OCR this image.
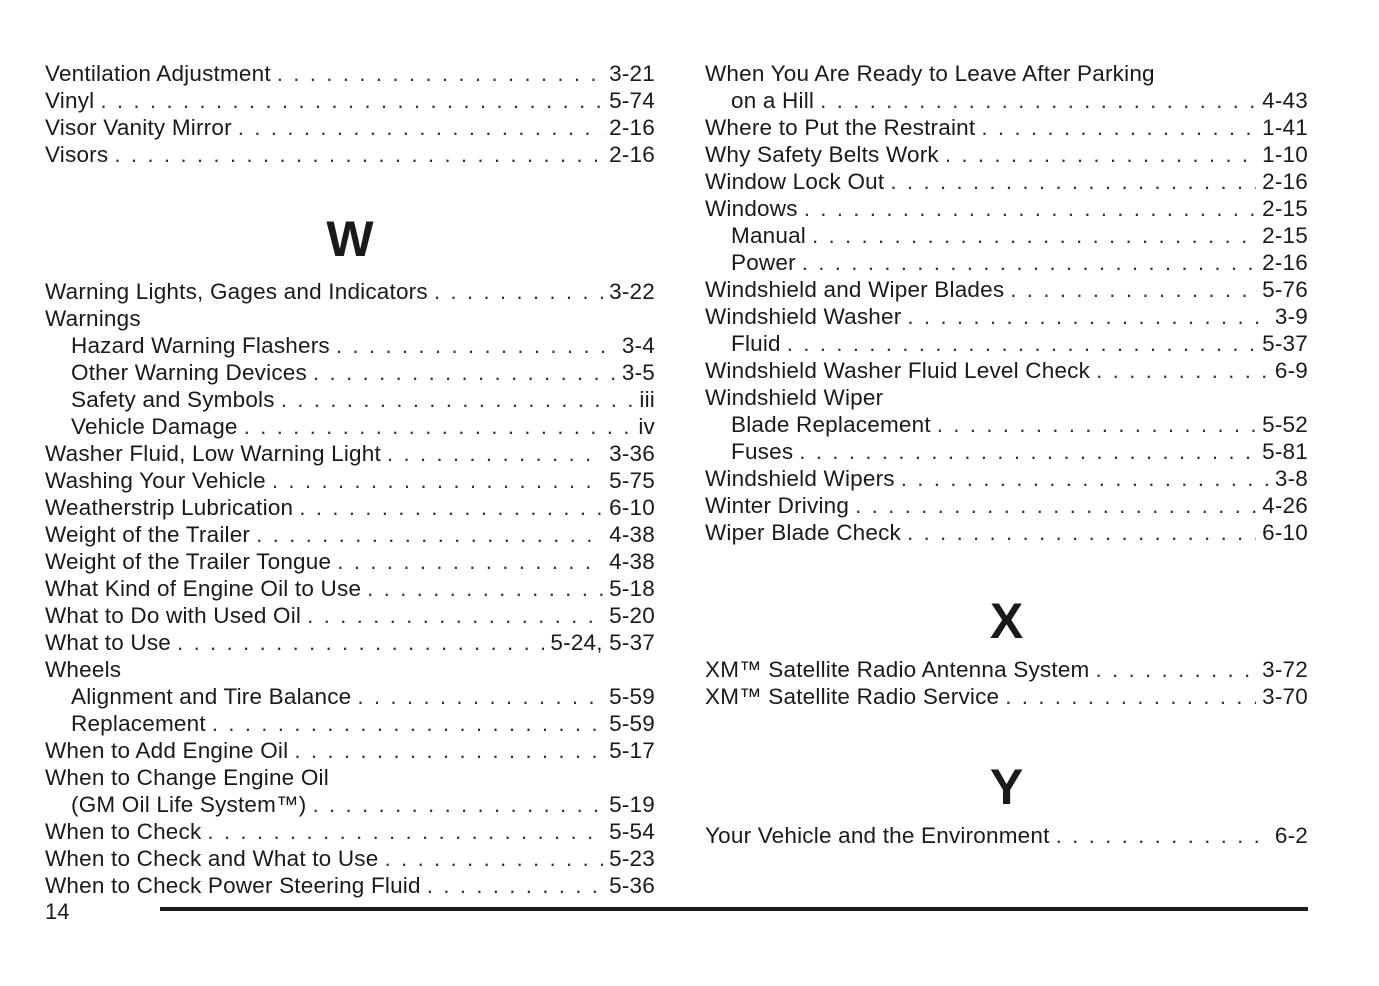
Ventilation Adjustment . . .	3-21
Vinyl . . .	5-74
Visor Vanity Mirror . . .	2-16
Visors . . .	2-16
W
Warning Lights, Gages and Indicators . . .	3-22
Warnings
Hazard Warning Flashers . . .	3-4
Other Warning Devices . . .	3-5
Safety and Symbols . . .	iii
Vehicle Damage . . .	iv
Washer Fluid, Low Warning Light . . .	3-36
Washing Your Vehicle . . .	5-75
Weatherstrip Lubrication . . .	6-10
Weight of the Trailer . . .	4-38
Weight of the Trailer Tongue . . .	4-38
What Kind of Engine Oil to Use . . .	5-18
What to Do with Used Oil . . .	5-20
What to Use . . .	5-24, 5-37
Wheels
Alignment and Tire Balance . . .	5-59
Replacement . . .	5-59
When to Add Engine Oil . . .	5-17
When to Change Engine Oil
(GM Oil Life System™) . . .	5-19
When to Check . . .	5-54
When to Check and What to Use . . .	5-23
When to Check Power Steering Fluid . . .	5-36
When You Are Ready to Leave After Parking
on a Hill . . .	4-43
Where to Put the Restraint . . .	1-41
Why Safety Belts Work . . .	1-10
Window Lock Out . . .	2-16
Windows . . .	2-15
Manual . . .	2-15
Power . . .	2-16
Windshield and Wiper Blades . . .	5-76
Windshield Washer . . .	3-9
Fluid . . .	5-37
Windshield Washer Fluid Level Check . . .	6-9
Windshield Wiper
Blade Replacement . . .	5-52
Fuses . . .	5-81
Windshield Wipers . . .	3-8
Winter Driving . . .	4-26
Wiper Blade Check . . .	6-10
X
XM™ Satellite Radio Antenna System . . .	3-72
XM™ Satellite Radio Service . . .	3-70
Y
Your Vehicle and the Environment . . .	6-2
14
